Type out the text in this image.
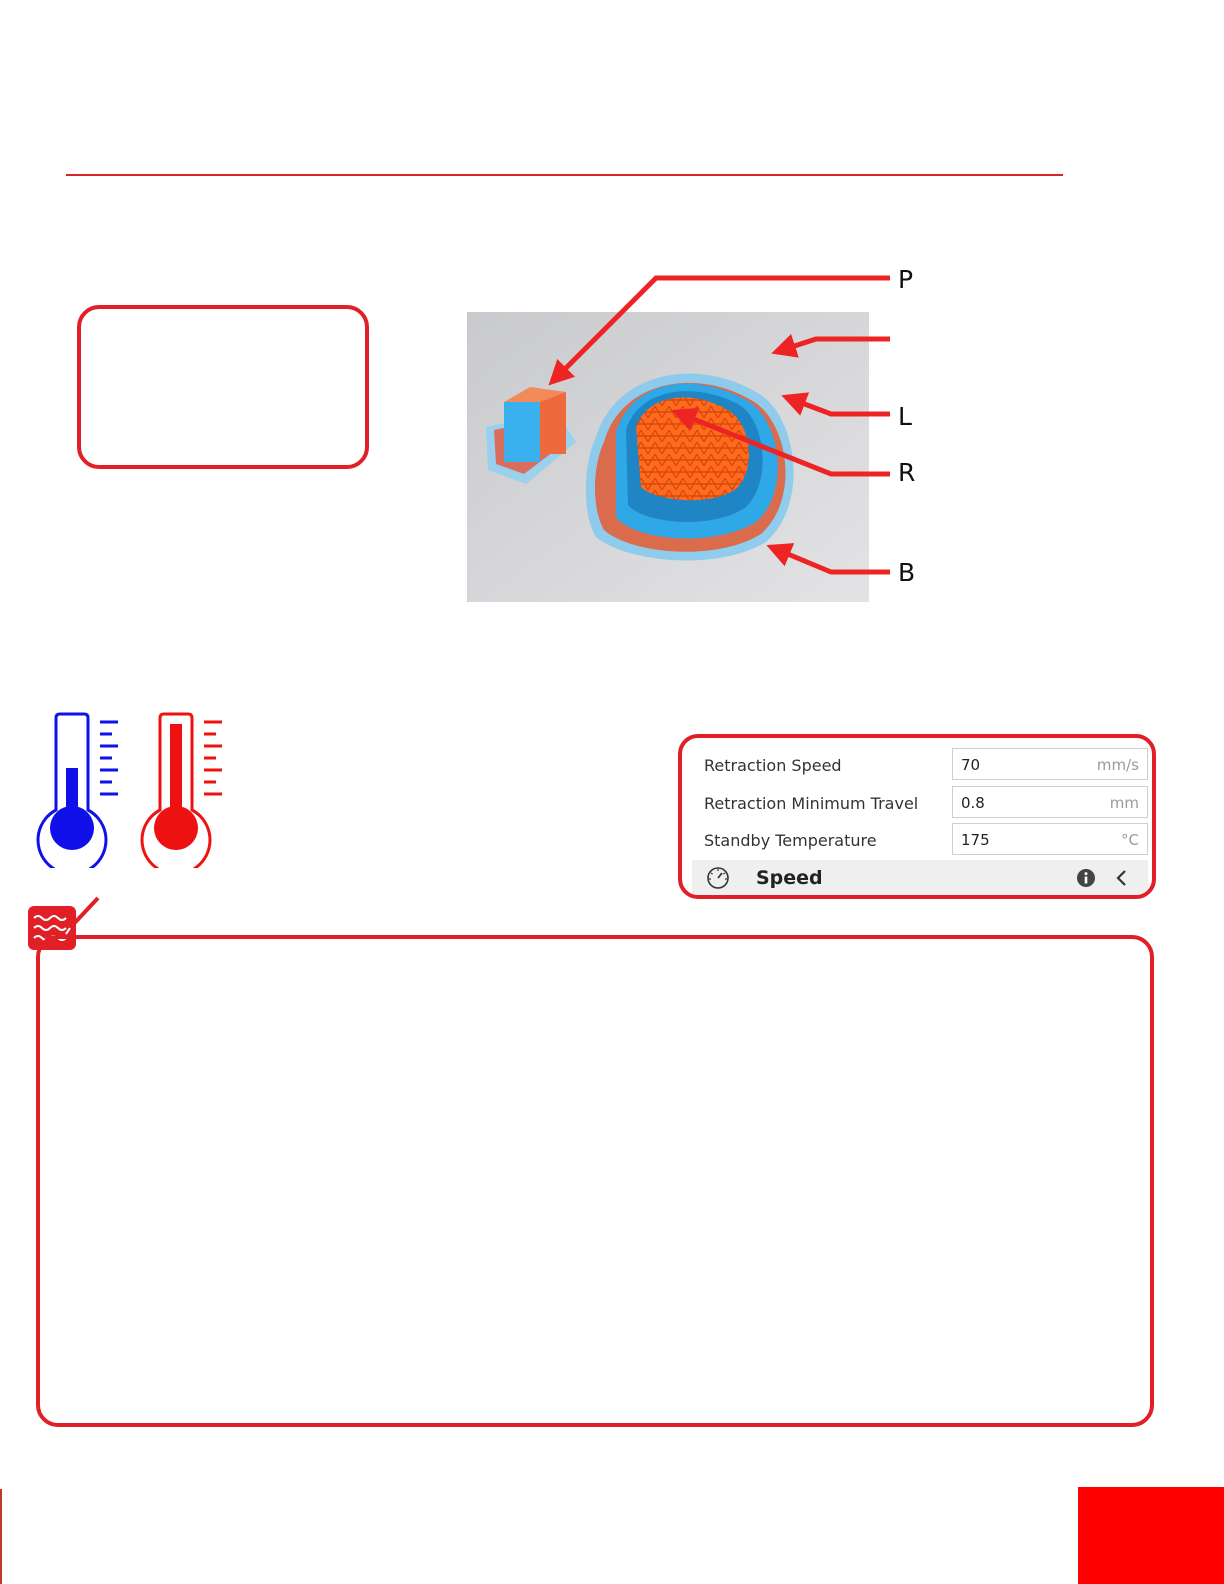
P
L
R
B
Retraction Speed	70	mm/s
Retraction Minimum Travel	0.8	mm
Standby Temperature	175	°C
Speed
